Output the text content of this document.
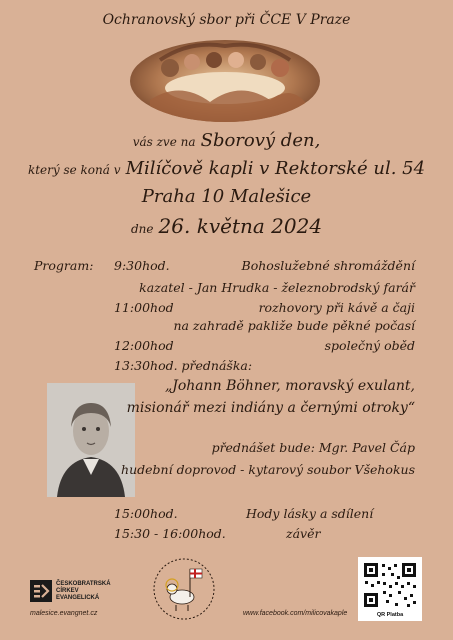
Ochranovský sbor při ČCE V Praze
vás zve na Sborový den,
který se koná v Milíčově kapli v Rektorské ul. 54
Praha 10 Malešice
dne 26. května 2024
Program: 9:30hod.	Bohoslužebné shromáždění
kazatel - Jan Hrudka - železnobrodský farář
11:00hod	rozhovory při kávě a čaji
na zahradě pakliže bude pěkné počasí
12:00hod	společný oběd
13:30hod. přednáška:
„Johann Böhner, moravský exulant,
misionář mezi indiány a černými otroky“
přednášet bude: Mgr. Pavel Čáp
hudební doprovod - kytarový soubor Všehokus
15:00hod.	Hody lásky a sdílení
15:30 - 16:00hod.	závěr
ČESKOBRATRSKÁ
CÍRKEV
EVANGELICKÁ
malesice.evangnet.cz	www.facebook.com/milicovakaple	QR Platba
